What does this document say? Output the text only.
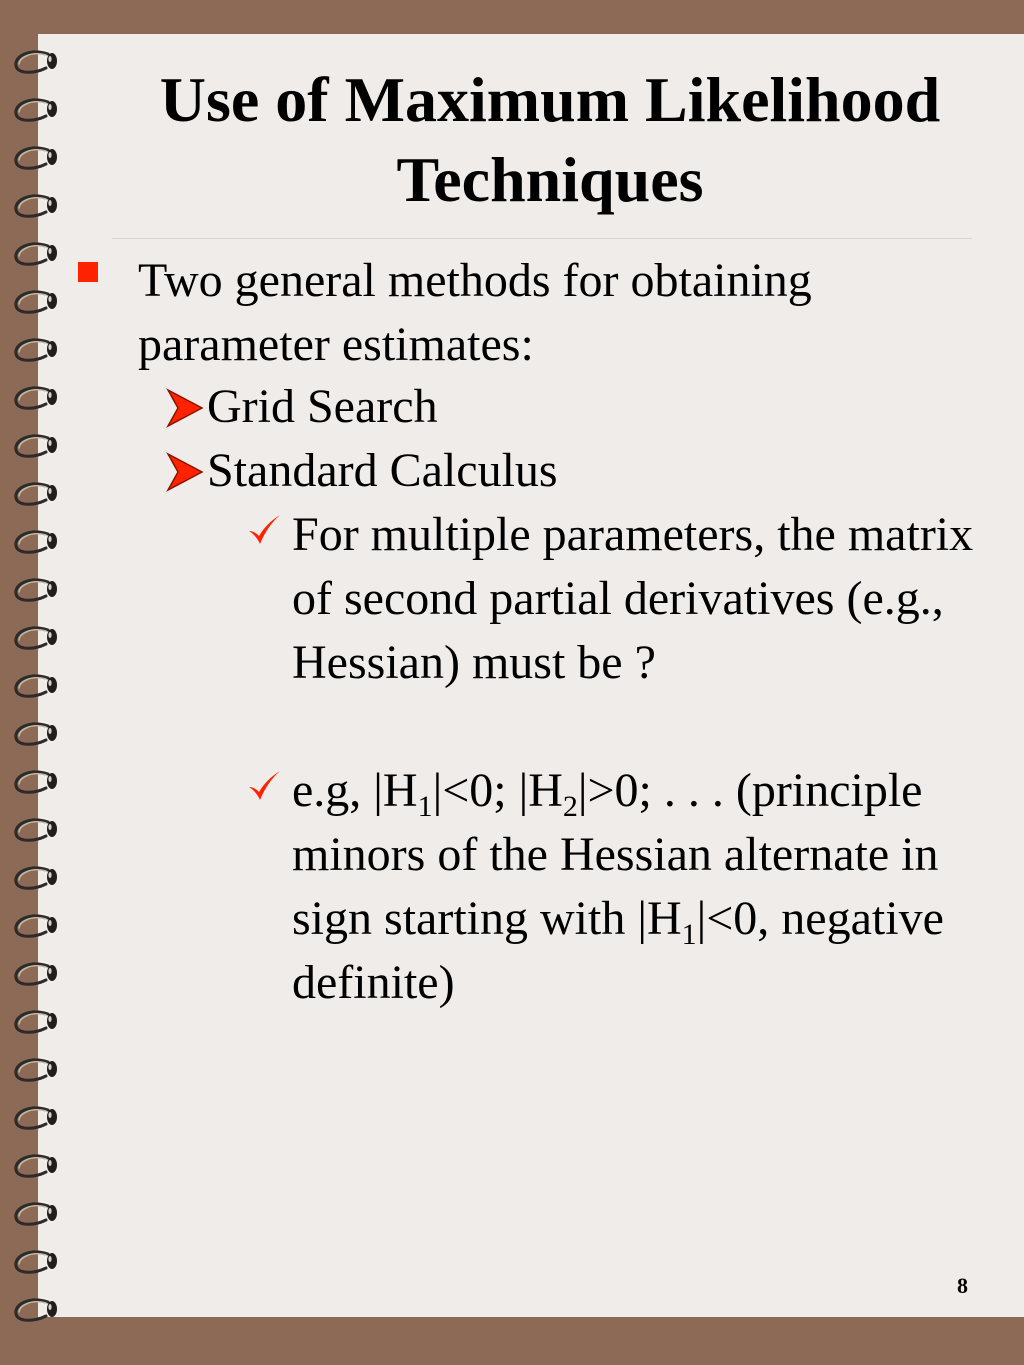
Use of Maximum Likelihood Techniques
Two general methods for obtaining parameter estimates:
Grid Search
Standard Calculus
For multiple parameters, the matrix of second partial derivatives (e.g., Hessian) must be ?
e.g, $|H_1|<0$; $|H_2|>0$; . . . (principle minors of the Hessian alternate in sign starting with $|H_1|<0$, negative definite)
8
